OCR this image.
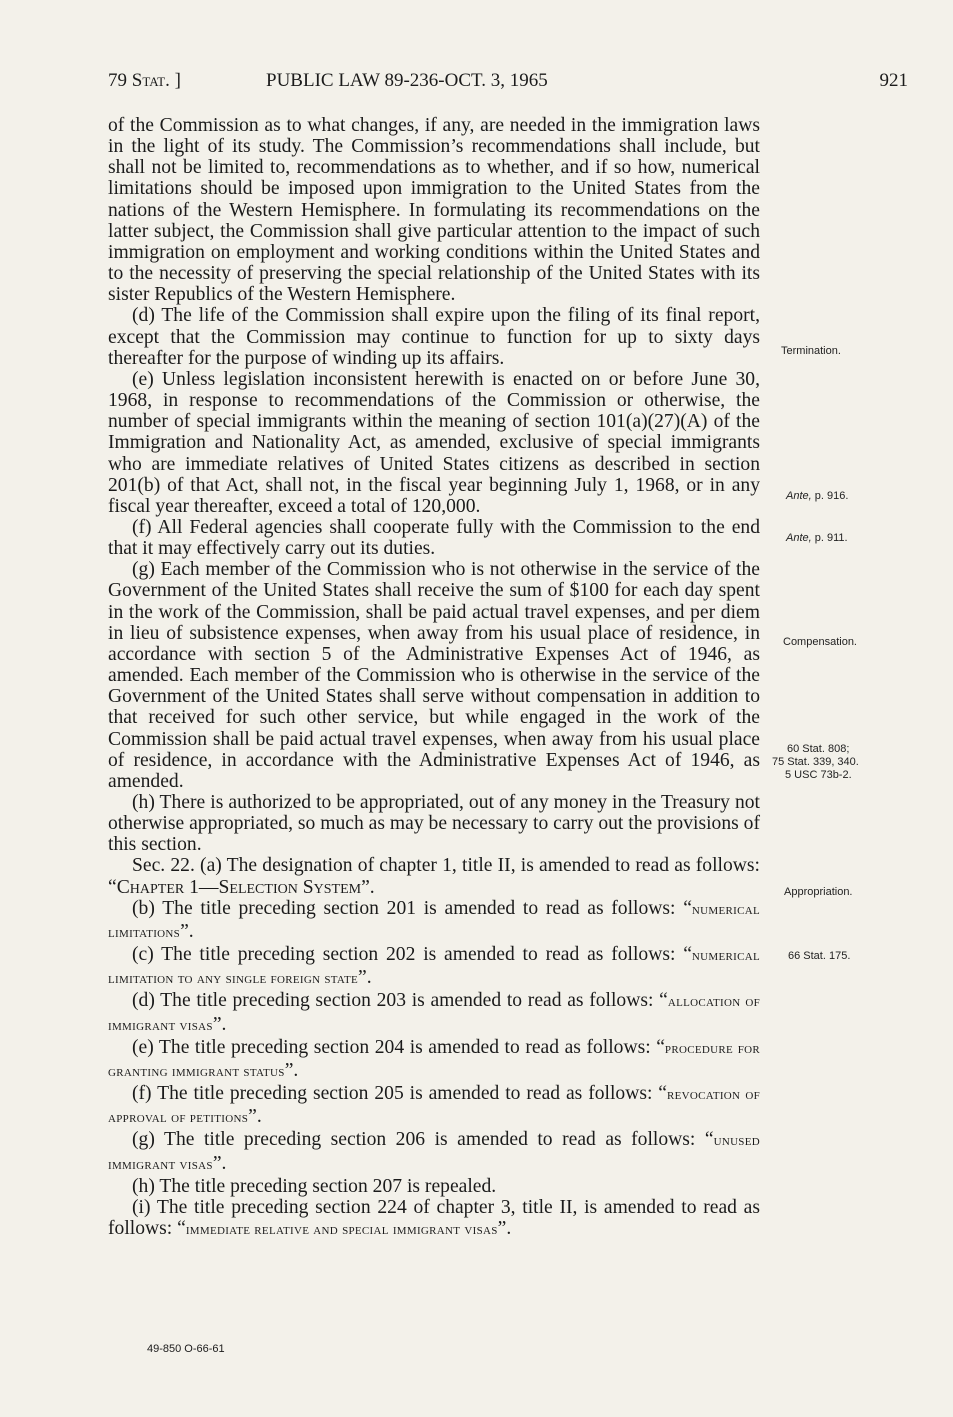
79 Stat. ]	PUBLIC LAW 89-236-OCT. 3, 1965	921

of the Commission as to what changes, if any, are needed in the immigration laws in the light of its study. The Commission’s recommendations shall include, but shall not be limited to, recommendations as to whether, and if so how, numerical limitations should be imposed upon immigration to the United States from the nations of the Western Hemisphere. In formulating its recommendations on the latter subject, the Commission shall give particular attention to the impact of such immigration on employment and working conditions within the United States and to the necessity of preserving the special relationship of the United States with its sister Republics of the Western Hemisphere.

(d) The life of the Commission shall expire upon the filing of its final report, except that the Commission may continue to function for up to sixty days thereafter for the purpose of winding up its affairs.

(e) Unless legislation inconsistent herewith is enacted on or before June 30, 1968, in response to recommendations of the Commission or otherwise, the number of special immigrants within the meaning of section 101(a)(27)(A) of the Immigration and Nationality Act, as amended, exclusive of special immigrants who are immediate relatives of United States citizens as described in section 201(b) of that Act, shall not, in the fiscal year beginning July 1, 1968, or in any fiscal year thereafter, exceed a total of 120,000.

(f) All Federal agencies shall cooperate fully with the Commission to the end that it may effectively carry out its duties.

(g) Each member of the Commission who is not otherwise in the service of the Government of the United States shall receive the sum of $100 for each day spent in the work of the Commission, shall be paid actual travel expenses, and per diem in lieu of subsistence expenses, when away from his usual place of residence, in accordance with section 5 of the Administrative Expenses Act of 1946, as amended. Each member of the Commission who is otherwise in the service of the Government of the United States shall serve without compensation in addition to that received for such other service, but while engaged in the work of the Commission shall be paid actual travel expenses, when away from his usual place of residence, in accordance with the Administrative Expenses Act of 1946, as amended.

(h) There is authorized to be appropriated, out of any money in the Treasury not otherwise appropriated, so much as may be necessary to carry out the provisions of this section.

Sec. 22. (a) The designation of chapter 1, title II, is amended to read as follows: “Chapter 1—Selection System”.

(b) The title preceding section 201 is amended to read as follows: “numerical limitations”.

(c) The title preceding section 202 is amended to read as follows: “numerical limitation to any single foreign state”.

(d) The title preceding section 203 is amended to read as follows: “allocation of immigrant visas”.

(e) The title preceding section 204 is amended to read as follows: “procedure for granting immigrant status”.

(f) The title preceding section 205 is amended to read as follows: “revocation of approval of petitions”.

(g) The title preceding section 206 is amended to read as follows: “unused immigrant visas”.

(h) The title preceding section 207 is repealed.

(i) The title preceding section 224 of chapter 3, title II, is amended to read as follows: “immediate relative and special immigrant visas”.

Termination.
Ante, p. 916.
Ante, p. 911.
Compensation.
60 Stat. 808;
75 Stat. 339, 340.
5 USC 73b-2.
Appropriation.
66 Stat. 175.
49-850 O-66-61
